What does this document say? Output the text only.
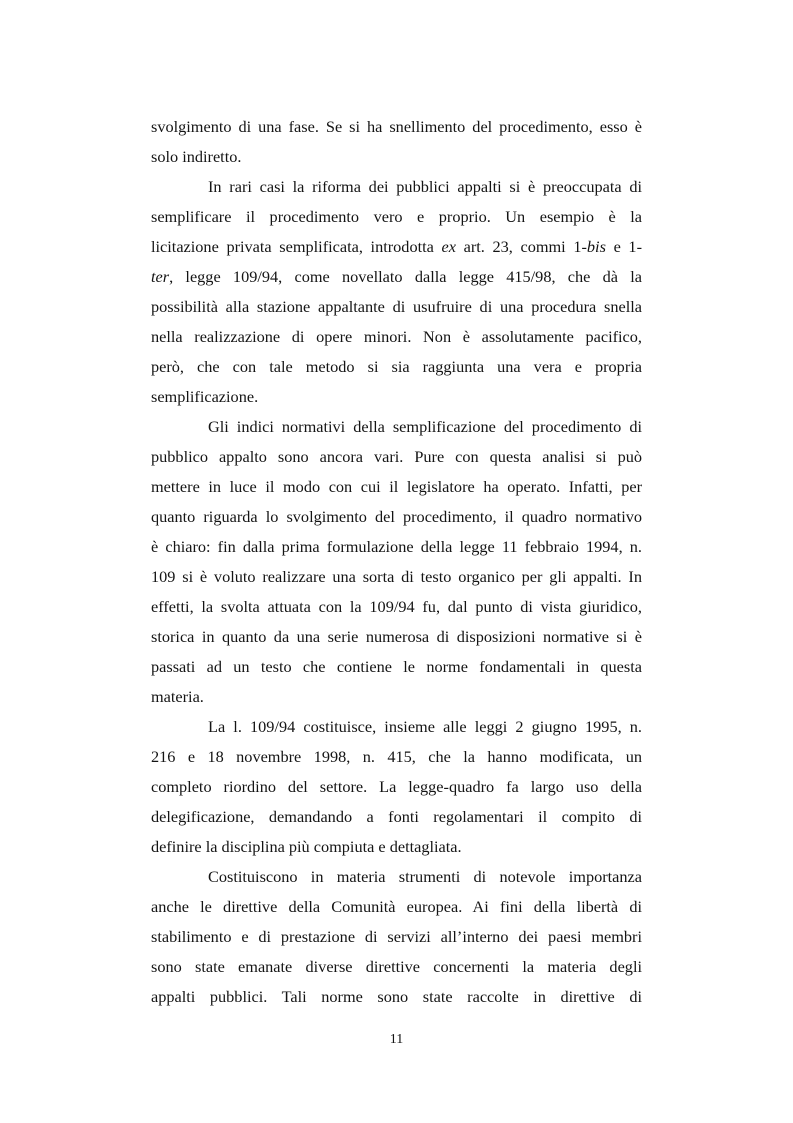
svolgimento di una fase. Se si ha snellimento del procedimento, esso è
solo indiretto.
In rari casi la riforma dei pubblici appalti si è preoccupata di
semplificare il procedimento vero e proprio. Un esempio è la
licitazione privata semplificata, introdotta ex art. 23, commi 1-bis e 1-
ter, legge 109/94, come novellato dalla legge 415/98, che dà la
possibilità alla stazione appaltante di usufruire di una procedura snella
nella realizzazione di opere minori. Non è assolutamente pacifico,
però, che con tale metodo si sia raggiunta una vera e propria
semplificazione.
Gli indici normativi della semplificazione del procedimento di
pubblico appalto sono ancora vari. Pure con questa analisi si può
mettere in luce il modo con cui il legislatore ha operato. Infatti, per
quanto riguarda lo svolgimento del procedimento, il quadro normativo
è chiaro: fin dalla prima formulazione della legge 11 febbraio 1994, n.
109 si è voluto realizzare una sorta di testo organico per gli appalti. In
effetti, la svolta attuata con la 109/94 fu, dal punto di vista giuridico,
storica in quanto da una serie numerosa di disposizioni normative si è
passati ad un testo che contiene le norme fondamentali in questa
materia.
La l. 109/94 costituisce, insieme alle leggi 2 giugno 1995, n.
216 e 18 novembre 1998, n. 415, che la hanno modificata, un
completo riordino del settore. La legge-quadro fa largo uso della
delegificazione, demandando a fonti regolamentari il compito di
definire la disciplina più compiuta e dettagliata.
Costituiscono in materia strumenti di notevole importanza
anche le direttive della Comunità europea. Ai fini della libertà di
stabilimento e di prestazione di servizi all’interno dei paesi membri
sono state emanate diverse direttive concernenti la materia degli
appalti pubblici. Tali norme sono state raccolte in direttive di
11
